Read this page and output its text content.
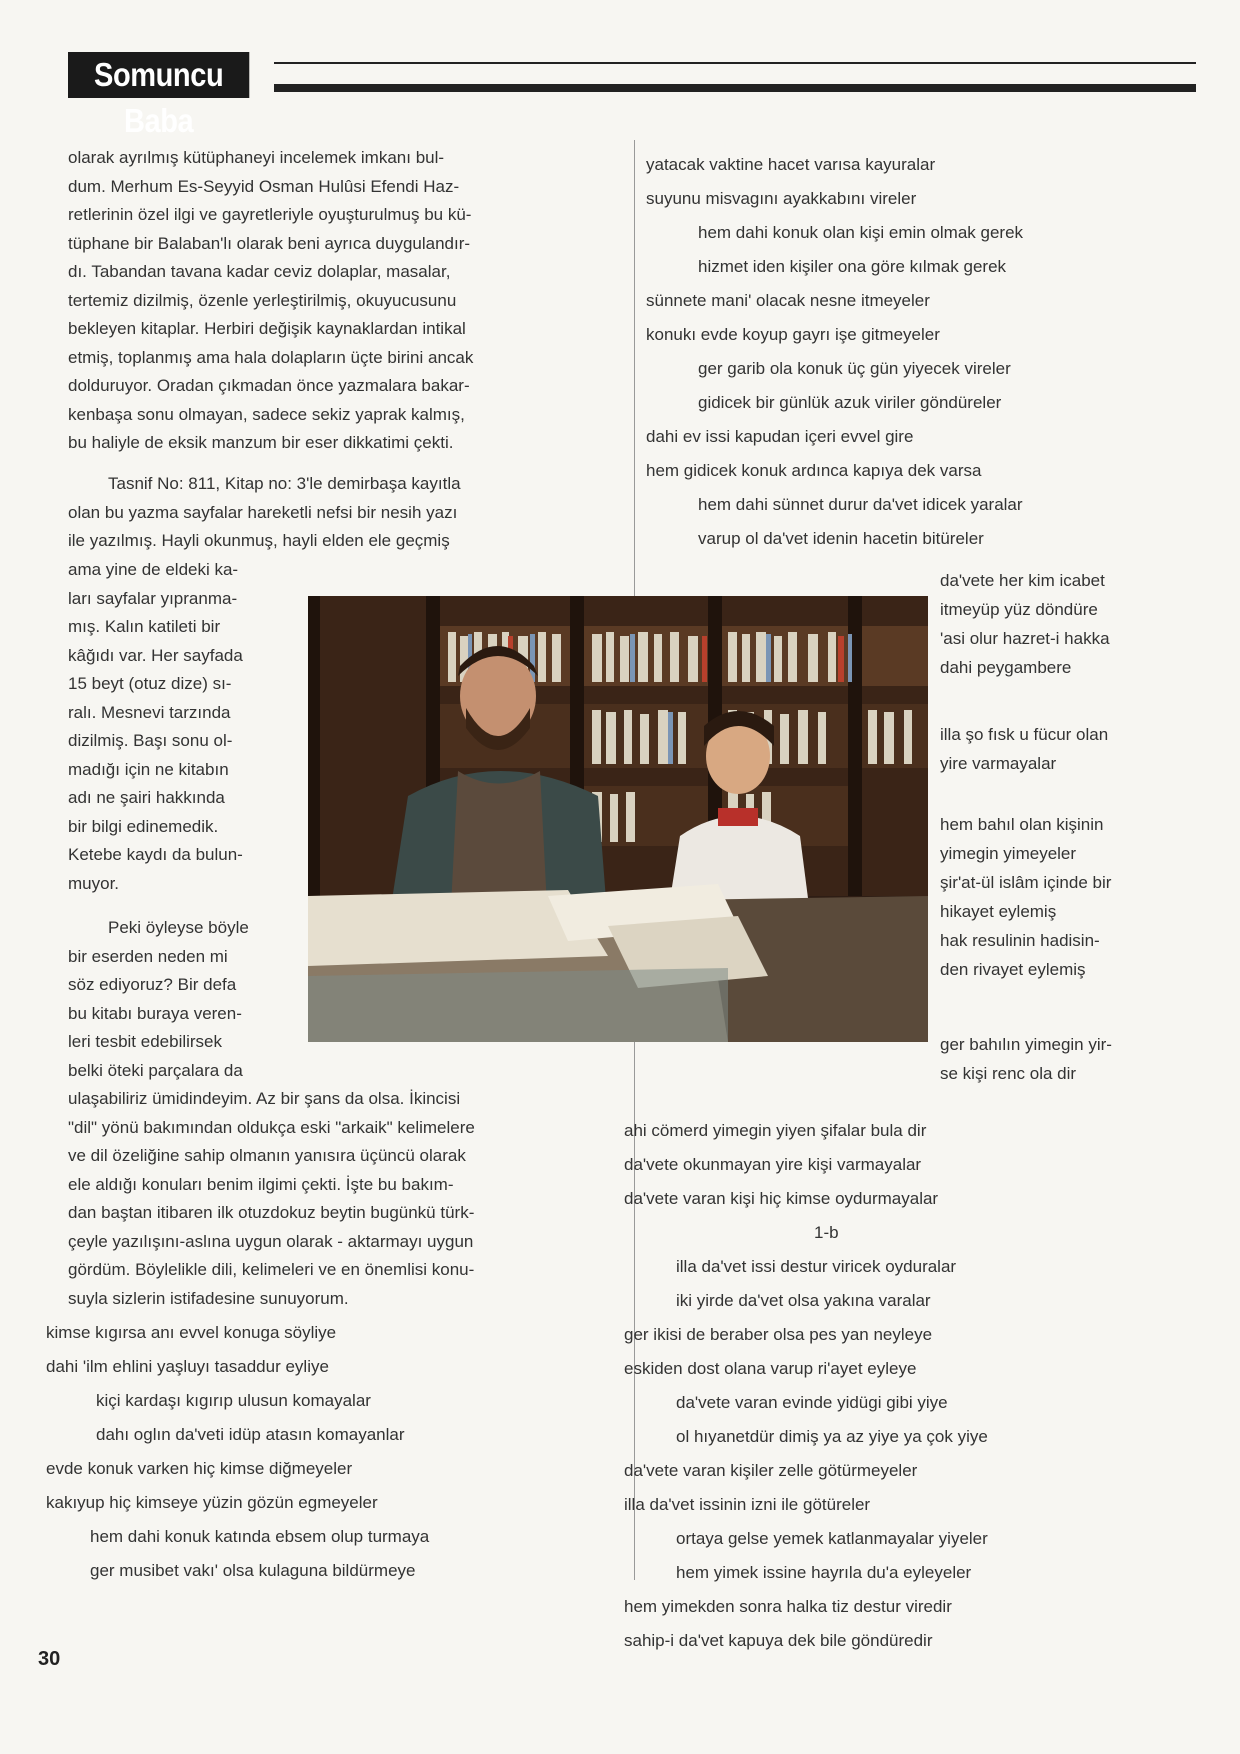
Somuncu Baba
olarak ayrılmış kütüphaneyi incelemek imkanı bul-
dum. Merhum Es-Seyyid Osman Hulûsi Efendi Haz-
retlerinin özel ilgi ve gayretleriyle oyuşturulmuş bu kü-
tüphane bir Balaban'lı olarak beni ayrıca duygulandır-
dı. Tabandan tavana kadar ceviz dolaplar, masalar,
tertemiz dizilmiş, özenle yerleştirilmiş, okuyucusunu
bekleyen kitaplar. Herbiri değişik kaynaklardan intikal
etmiş, toplanmış ama hala dolapların üçte birini ancak
dolduruyor. Oradan çıkmadan önce yazmalara bakar-
kenbaşa sonu olmayan, sadece sekiz yaprak kalmış,
bu haliyle de eksik manzum bir eser dikkatimi çekti.
Tasnif No: 811, Kitap no: 3'le demirbaşa kayıtla
olan bu yazma sayfalar hareketli nefsi bir nesih yazı
ile yazılmış. Hayli okunmuş, hayli elden ele geçmiş
ama yine de eldeki ka-
ları sayfalar yıpranma-
mış. Kalın katileti bir
kâğıdı var. Her sayfada
15 beyt (otuz dize) sı-
ralı. Mesnevi tarzında
dizilmiş. Başı sonu ol-
madığı için ne kitabın
adı ne şairi hakkında
bir bilgi edinemedik.
Ketebe kaydı da bulun-
muyor.
Peki öyleyse böyle
bir eserden neden mi
söz ediyoruz? Bir defa
bu kitabı buraya veren-
leri tesbit edebilirsek
belki öteki parçalara da
ulaşabiliriz ümidindeyim. Az bir şans da olsa. İkincisi
"dil" yönü bakımından oldukça eski "arkaik" kelimelere
ve dil özeliğine sahip olmanın yanısıra üçüncü olarak
ele aldığı konuları benim ilgimi çekti. İşte bu bakım-
dan baştan itibaren ilk otuzdokuz beytin bugünkü türk-
çeyle yazılışını-aslına uygun olarak - aktarmayı uygun
gördüm. Böylelikle dili, kelimeleri ve en önemlisi konu-
suyla sizlerin istifadesine sunuyorum.
kimse kıgırsa anı evvel konuga söyliye
dahi 'ilm ehlini yaşluyı tasaddur eyliye
kiçi kardaşı kıgırıp ulusun komayalar
dahı oglın da'veti idüp atasın komayanlar
evde konuk varken hiç kimse diğmeyeler
kakıyup hiç kimseye yüzin gözün egmeyeler
hem dahi konuk katında ebsem olup turmaya
ger musibet vakı' olsa kulaguna bildürmeye
yatacak vaktine hacet varısa kayuralar
suyunu misvagını ayakkabını vireler
hem dahi konuk olan kişi emin olmak gerek
hizmet iden kişiler ona göre kılmak gerek
sünnete mani' olacak nesne itmeyeler
konukı evde koyup gayrı işe gitmeyeler
ger garib ola konuk üç gün yiyecek vireler
gidicek bir günlük azuk viriler göndüreler
dahi ev issi kapudan içeri evvel gire
hem gidicek konuk ardınca kapıya dek varsa
hem dahi sünnet durur da'vet idicek yaralar
varup ol da'vet idenin hacetin bitüreler
da'vete her kim icabet
itmeyüp yüz döndüre
'asi olur hazret-i hakka
dahi peygambere
illa şo fısk u fücur olan
yire varmayalar
hem bahıl olan kişinin
yimegin yimeyeler
şir'at-ül islâm içinde bir
hikayet eylemiş
hak resulinin hadisin-
den rivayet eylemiş
ger bahılın yimegin yir-
se kişi renc ola dir
ahi cömerd yimegin yiyen şifalar bula dir
da'vete okunmayan yire kişi varmayalar
da'vete varan kişi hiç kimse oydurmayalar
1-b
illa da'vet issi destur viricek oyduralar
iki yirde da'vet olsa yakına varalar
ger ikisi de beraber olsa pes yan neyleye
eskiden dost olana varup ri'ayet eyleye
da'vete varan evinde yidügi gibi yiye
ol hıyanetdür dimiş ya az yiye ya çok yiye
da'vete varan kişiler zelle götürmeyeler
illa da'vet issinin izni ile götüreler
ortaya gelse yemek katlanmayalar yiyeler
hem yimek issine hayrıla du'a eyleyeler
hem yimekden sonra halka tiz destur viredir
sahip-i da'vet kapuya dek bile göndüredir
30
